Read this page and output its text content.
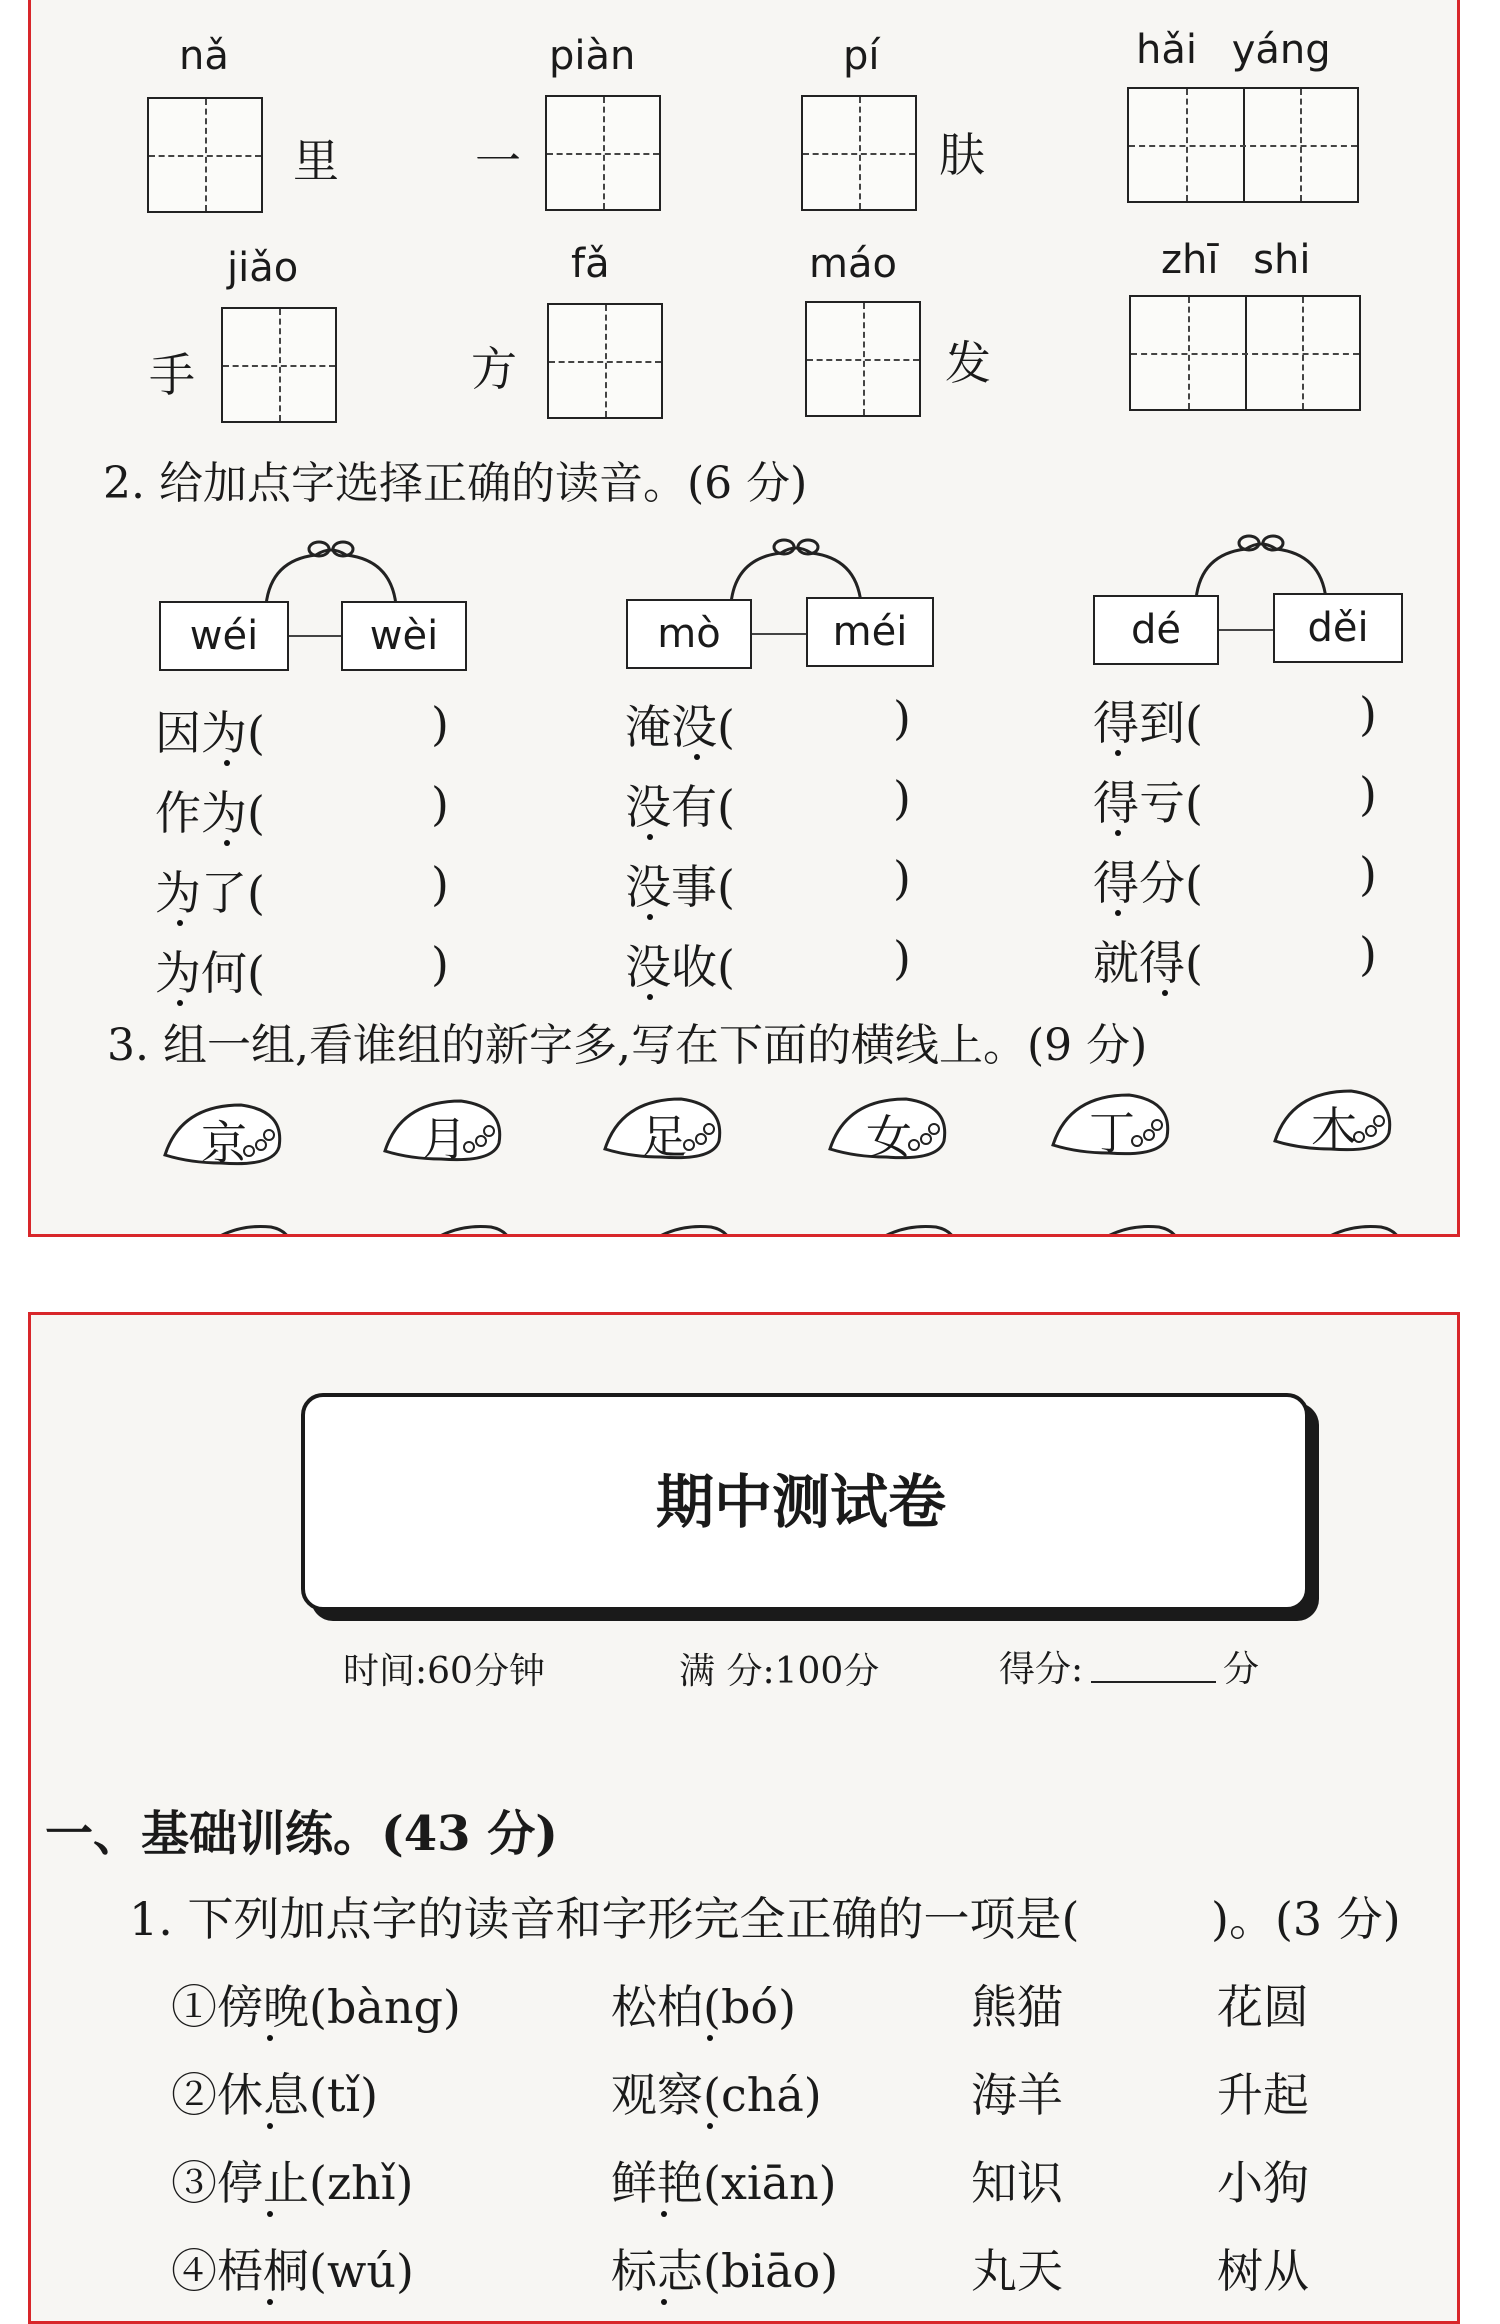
nǎ	piàn	pí	hǎi yáng
里	一	肤
jiǎo	fǎ	máo	zhī shi
手	方	发
2. 给加点字选择正确的读音。(6 分)
wéi	wèi	mò	méi	dé	děi
因为(	)
作为(	)
为了(	)
为何(	)
淹没(	)
没有(	)
没事(	)
没收(	)
得到(	)
得亏(	)
得分(	)
就得(	)
3. 组一组,看谁组的新字多,写在下面的横线上。(9 分)
京	月	足	女	丁	木
期中测试卷
时间:60分钟	满 分:100分	得分:	分
一、基础训练。(43 分)
1. 下列加点字的读音和字形完全正确的一项是(	)。(3 分)
①傍晚(bàng)	松柏(bó)	熊猫	花圆
②休息(tǐ)	观察(chá)	海羊	升起
③停止(zhǐ)	鲜艳(xiān)	知识	小狗
④梧桐(wú)	标志(biāo)	丸天	树从
